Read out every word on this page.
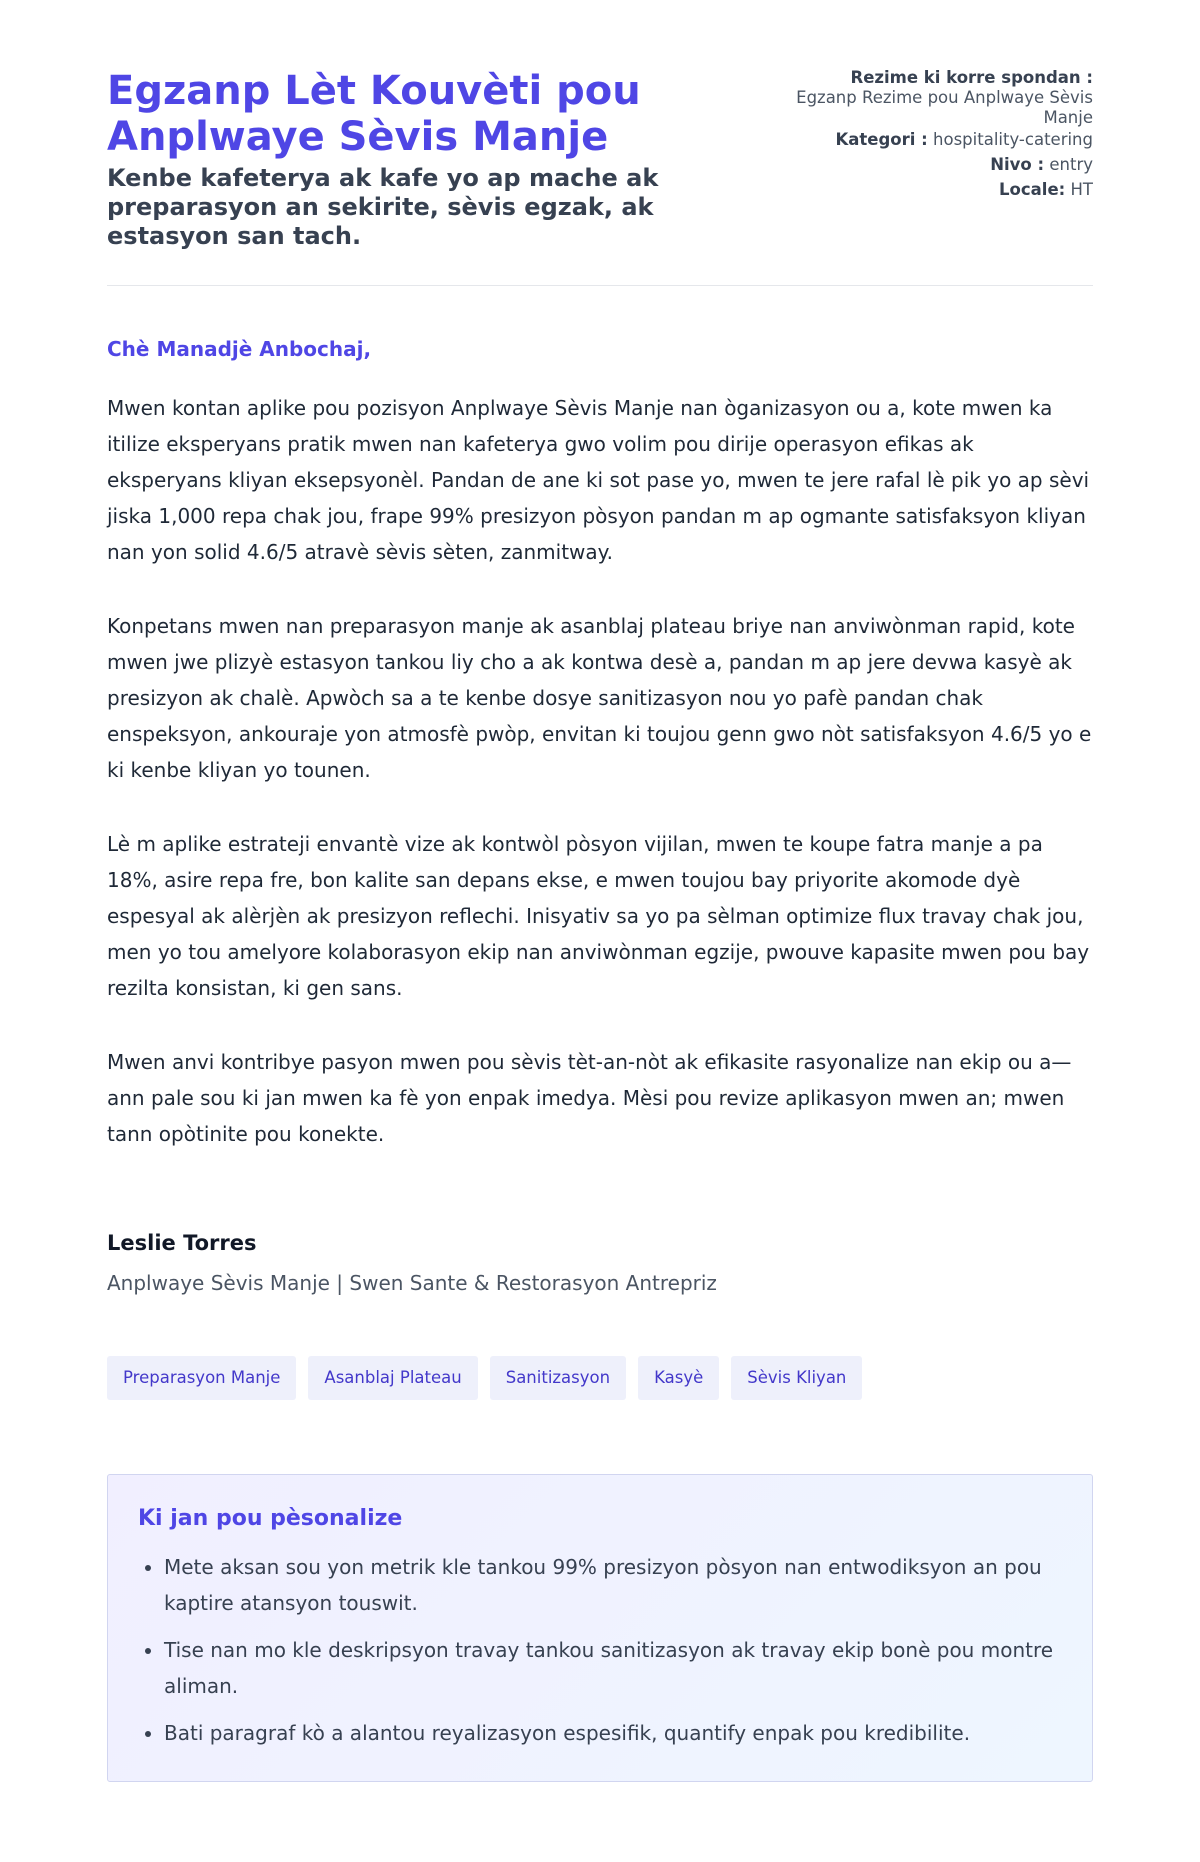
Egzanp Lèt Kouvèti pou Anplwaye Sèvis Manje
Kenbe kafeterya ak kafe yo ap mache ak preparasyon an sekirite, sèvis egzak, ak estasyon san tach.
Rezime ki korre spondan :
Egzanp Rezime pou Anplwaye Sèvis Manje
Kategori : hospitality-catering
Nivo : entry
Locale: HT
Chè Manadjè Anbochaj,

Mwen kontan aplike pou pozisyon Anplwaye Sèvis Manje nan òganizasyon ou a, kote mwen ka itilize eksperyans pratik mwen nan kafeterya gwo volim pou dirije operasyon efikas ak eksperyans kliyan eksepsyonèl. Pandan de ane ki sot pase yo, mwen te jere rafal lè pik yo ap sèvi jiska 1,000 repa chak jou, frape 99% presizyon pòsyon pandan m ap ogmante satisfaksyon kliyan nan yon solid 4.6/5 atravè sèvis sèten, zanmitway.

Konpetans mwen nan preparasyon manje ak asanblaj plateau briye nan anviwònman rapid, kote mwen jwe plizyè estasyon tankou liy cho a ak kontwa desè a, pandan m ap jere devwa kasyè ak presizyon ak chalè. Apwòch sa a te kenbe dosye sanitizasyon nou yo pafè pandan chak enspeksyon, ankouraje yon atmosfè pwòp, envitan ki toujou genn gwo nòt satisfaksyon 4.6/5 yo e ki kenbe kliyan yo tounen.

Lè m aplike estrateji envantè vize ak kontwòl pòsyon vijilan, mwen te koupe fatra manje a pa 18%, asire repa fre, bon kalite san depans ekse, e mwen toujou bay priyorite akomode dyè espesyal ak alèrjèn ak presizyon reflechi. Inisyativ sa yo pa sèlman optimize flux travay chak jou, men yo tou amelyore kolaborasyon ekip nan anviwònman egzije, pwouve kapasite mwen pou bay rezilta konsistan, ki gen sans.

Mwen anvi kontribye pasyon mwen pou sèvis tèt-an-nòt ak efikasite rasyonalize nan ekip ou a—ann pale sou ki jan mwen ka fè yon enpak imedya. Mèsi pou revize aplikasyon mwen an; mwen tann opòtinite pou konekte.

Leslie Torres
Anplwaye Sèvis Manje | Swen Sante & Restorasyon Antrepriz
Preparasyon Manje	Asanblaj Plateau	Sanitizasyon	Kasyè	Sèvis Kliyan
Ki jan pou pèsonalize
• Mete aksan sou yon metrik kle tankou 99% presizyon pòsyon nan entwodiksyon an pou kaptire atansyon touswit.
• Tise nan mo kle deskripsyon travay tankou sanitizasyon ak travay ekip bonè pou montre aliman.
• Bati paragraf kò a alantou reyalizasyon espesifik, quantify enpak pou kredibilite.
